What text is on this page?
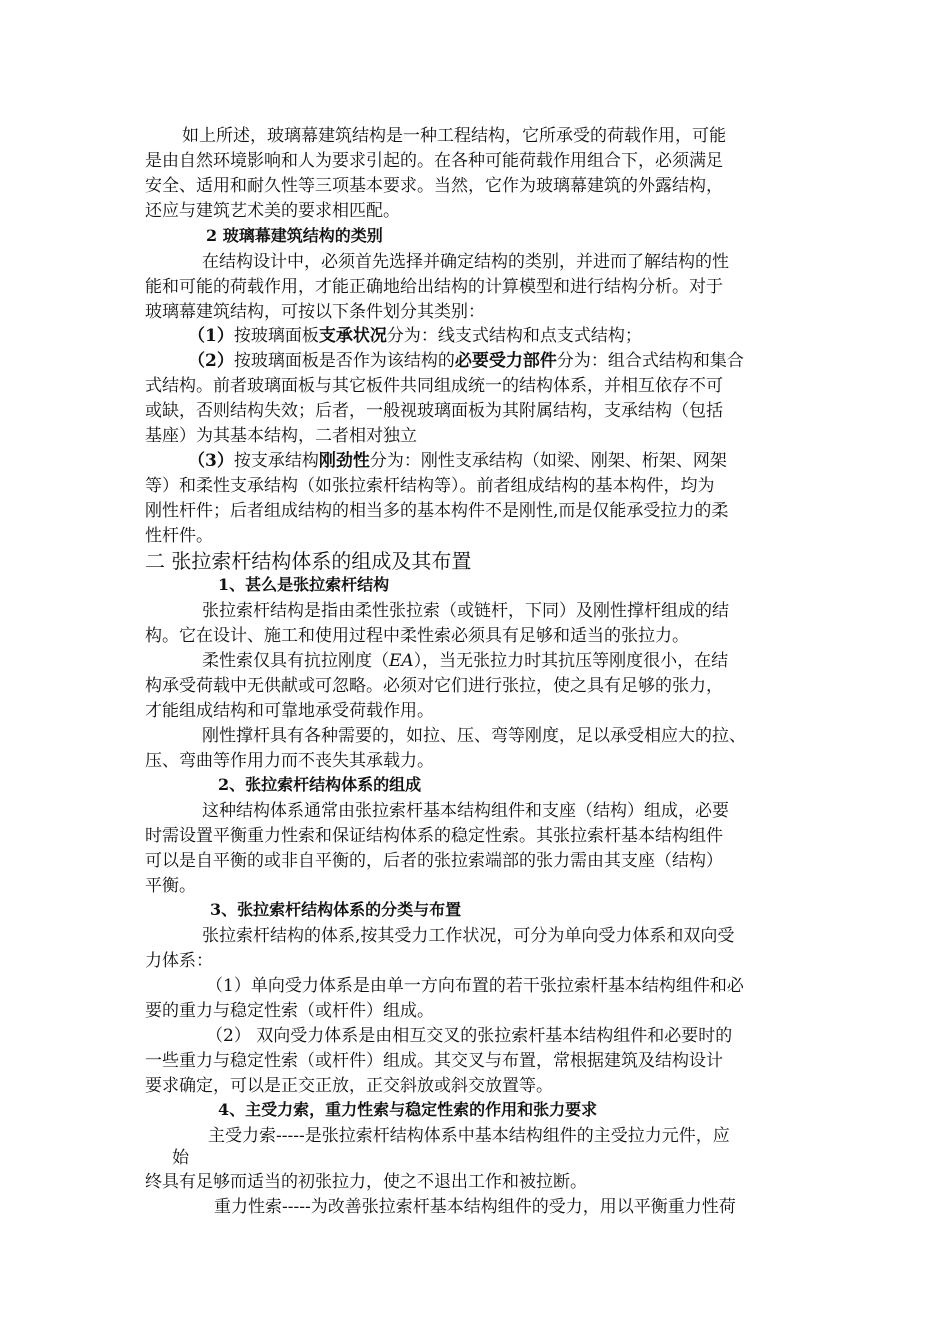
如上所述，玻璃幕建筑结构是一种工程结构，它所承受的荷载作用，可能
是由自然环境影响和人为要求引起的。在各种可能荷载作用组合下，必须满足
安全、适用和耐久性等三项基本要求。当然，它作为玻璃幕建筑的外露结构，
还应与建筑艺术美的要求相匹配。
2 玻璃幕建筑结构的类别
在结构设计中，必须首先选择并确定结构的类别，并进而了解结构的性
能和可能的荷载作用，才能正确地给出结构的计算模型和进行结构分析。对于
玻璃幕建筑结构，可按以下条件划分其类别：
（1）按玻璃面板支承状况分为：线支式结构和点支式结构；
（2）按玻璃面板是否作为该结构的必要受力部件分为：组合式结构和集合
式结构。前者玻璃面板与其它板件共同组成统一的结构体系，并相互依存不可
或缺，否则结构失效；后者，一般视玻璃面板为其附属结构，支承结构（包括
基座）为其基本结构，二者相对独立
（3）按支承结构刚劲性分为：刚性支承结构（如梁、刚架、桁架、网架
等）和柔性支承结构（如张拉索杆结构等）。前者组成结构的基本构件，均为
刚性杆件；后者组成结构的相当多的基本构件不是刚性,而是仅能承受拉力的柔
性杆件。
二 张拉索杆结构体系的组成及其布置
1、甚么是张拉索杆结构
张拉索杆结构是指由柔性张拉索（或链杆，下同）及刚性撑杆组成的结
构。它在设计、施工和使用过程中柔性索必须具有足够和适当的张拉力。
柔性索仅具有抗拉刚度（EA），当无张拉力时其抗压等刚度很小，在结
构承受荷载中无供献或可忽略。必须对它们进行张拉，使之具有足够的张力，
才能组成结构和可靠地承受荷载作用。
刚性撑杆具有各种需要的，如拉、压、弯等刚度，足以承受相应大的拉、
压、弯曲等作用力而不丧失其承载力。
2、张拉索杆结构体系的组成
这种结构体系通常由张拉索杆基本结构组件和支座（结构）组成，必要
时需设置平衡重力性索和保证结构体系的稳定性索。其张拉索杆基本结构组件
可以是自平衡的或非自平衡的，后者的张拉索端部的张力需由其支座（结构）
平衡。
3、张拉索杆结构体系的分类与布置
张拉索杆结构的体系,按其受力工作状况，可分为单向受力体系和双向受
力体系：
（1）单向受力体系是由单一方向布置的若干张拉索杆基本结构组件和必
要的重力与稳定性索（或杆件）组成。
（2） 双向受力体系是由相互交叉的张拉索杆基本结构组件和必要时的
一些重力与稳定性索（或杆件）组成。其交叉与布置，常根据建筑及结构设计
要求确定，可以是正交正放，正交斜放或斜交放置等。
4、主受力索，重力性索与稳定性索的作用和张力要求
主受力索-----是张拉索杆结构体系中基本结构组件的主受拉力元件，应
始
终具有足够而适当的初张拉力，使之不退出工作和被拉断。
重力性索-----为改善张拉索杆基本结构组件的受力，用以平衡重力性荷
